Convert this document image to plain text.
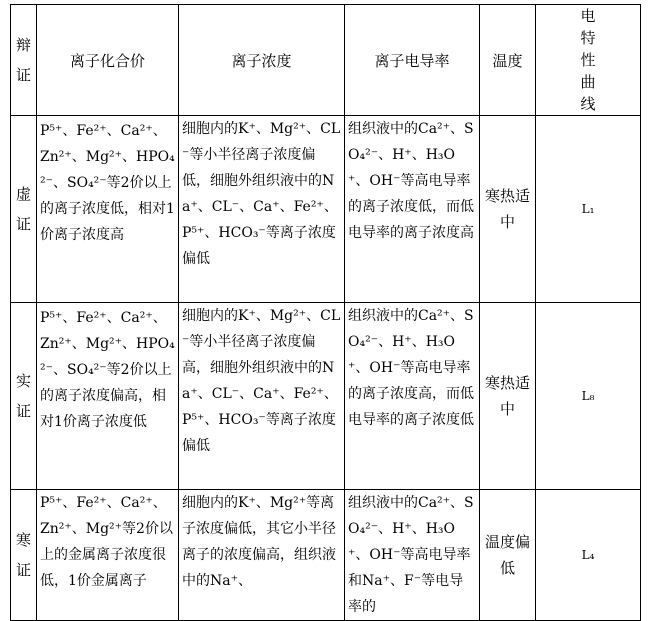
辩证	离子化合价	离子浓度	离子电导率	温度	电特性曲线

虚证	P⁵⁺、Fe²⁺、Ca²⁺、Zn²⁺、Mg²⁺、HPO₄²⁻、SO₄²⁻等2价以上的离子浓度低，相对1价离子浓度高	细胞内的K⁺、Mg²⁺、CL⁻等小半径离子浓度偏低，细胞外组织液中的Na⁺、CL⁻、Ca⁺、Fe²⁺、P⁵⁺、HCO₃⁻等离子浓度偏低	组织液中的Ca²⁺、SO₄²⁻、H⁺、H₃O⁺、OH⁻等高电导率的离子浓度低，而低电导率的离子浓度高	寒热适中	L₁

实证	P⁵⁺、Fe²⁺、Ca²⁺、Zn²⁺、Mg²⁺、HPO₄²⁻、SO₄²⁻等2价以上的离子浓度偏高，相对1价离子浓度低	细胞内的K⁺、Mg²⁺、CL⁻等小半径离子浓度偏高，细胞外组织液中的Na⁺、CL⁻、Ca⁺、Fe²⁺、P⁵⁺、HCO₃⁻等离子浓度偏低	组织液中的Ca²⁺、SO₄²⁻、H⁺、H₃O⁺、OH⁻等高电导率的离子浓度高，而低电导率的离子浓度低	寒热适中	L₈

寒证	P⁵⁺、Fe²⁺、Ca²⁺、Zn²⁺、Mg²⁺等2价以上的金属离子浓度很低，1价金属离子	细胞内的K⁺、Mg²⁺等离子浓度偏低，其它小半径离子的浓度偏高，组织液中的Na⁺、	组织液中的Ca²⁺、SO₄²⁻、H⁺、H₃O⁺、OH⁻等高电导率和Na⁺、F⁻等电导率的	温度偏低	L₄
